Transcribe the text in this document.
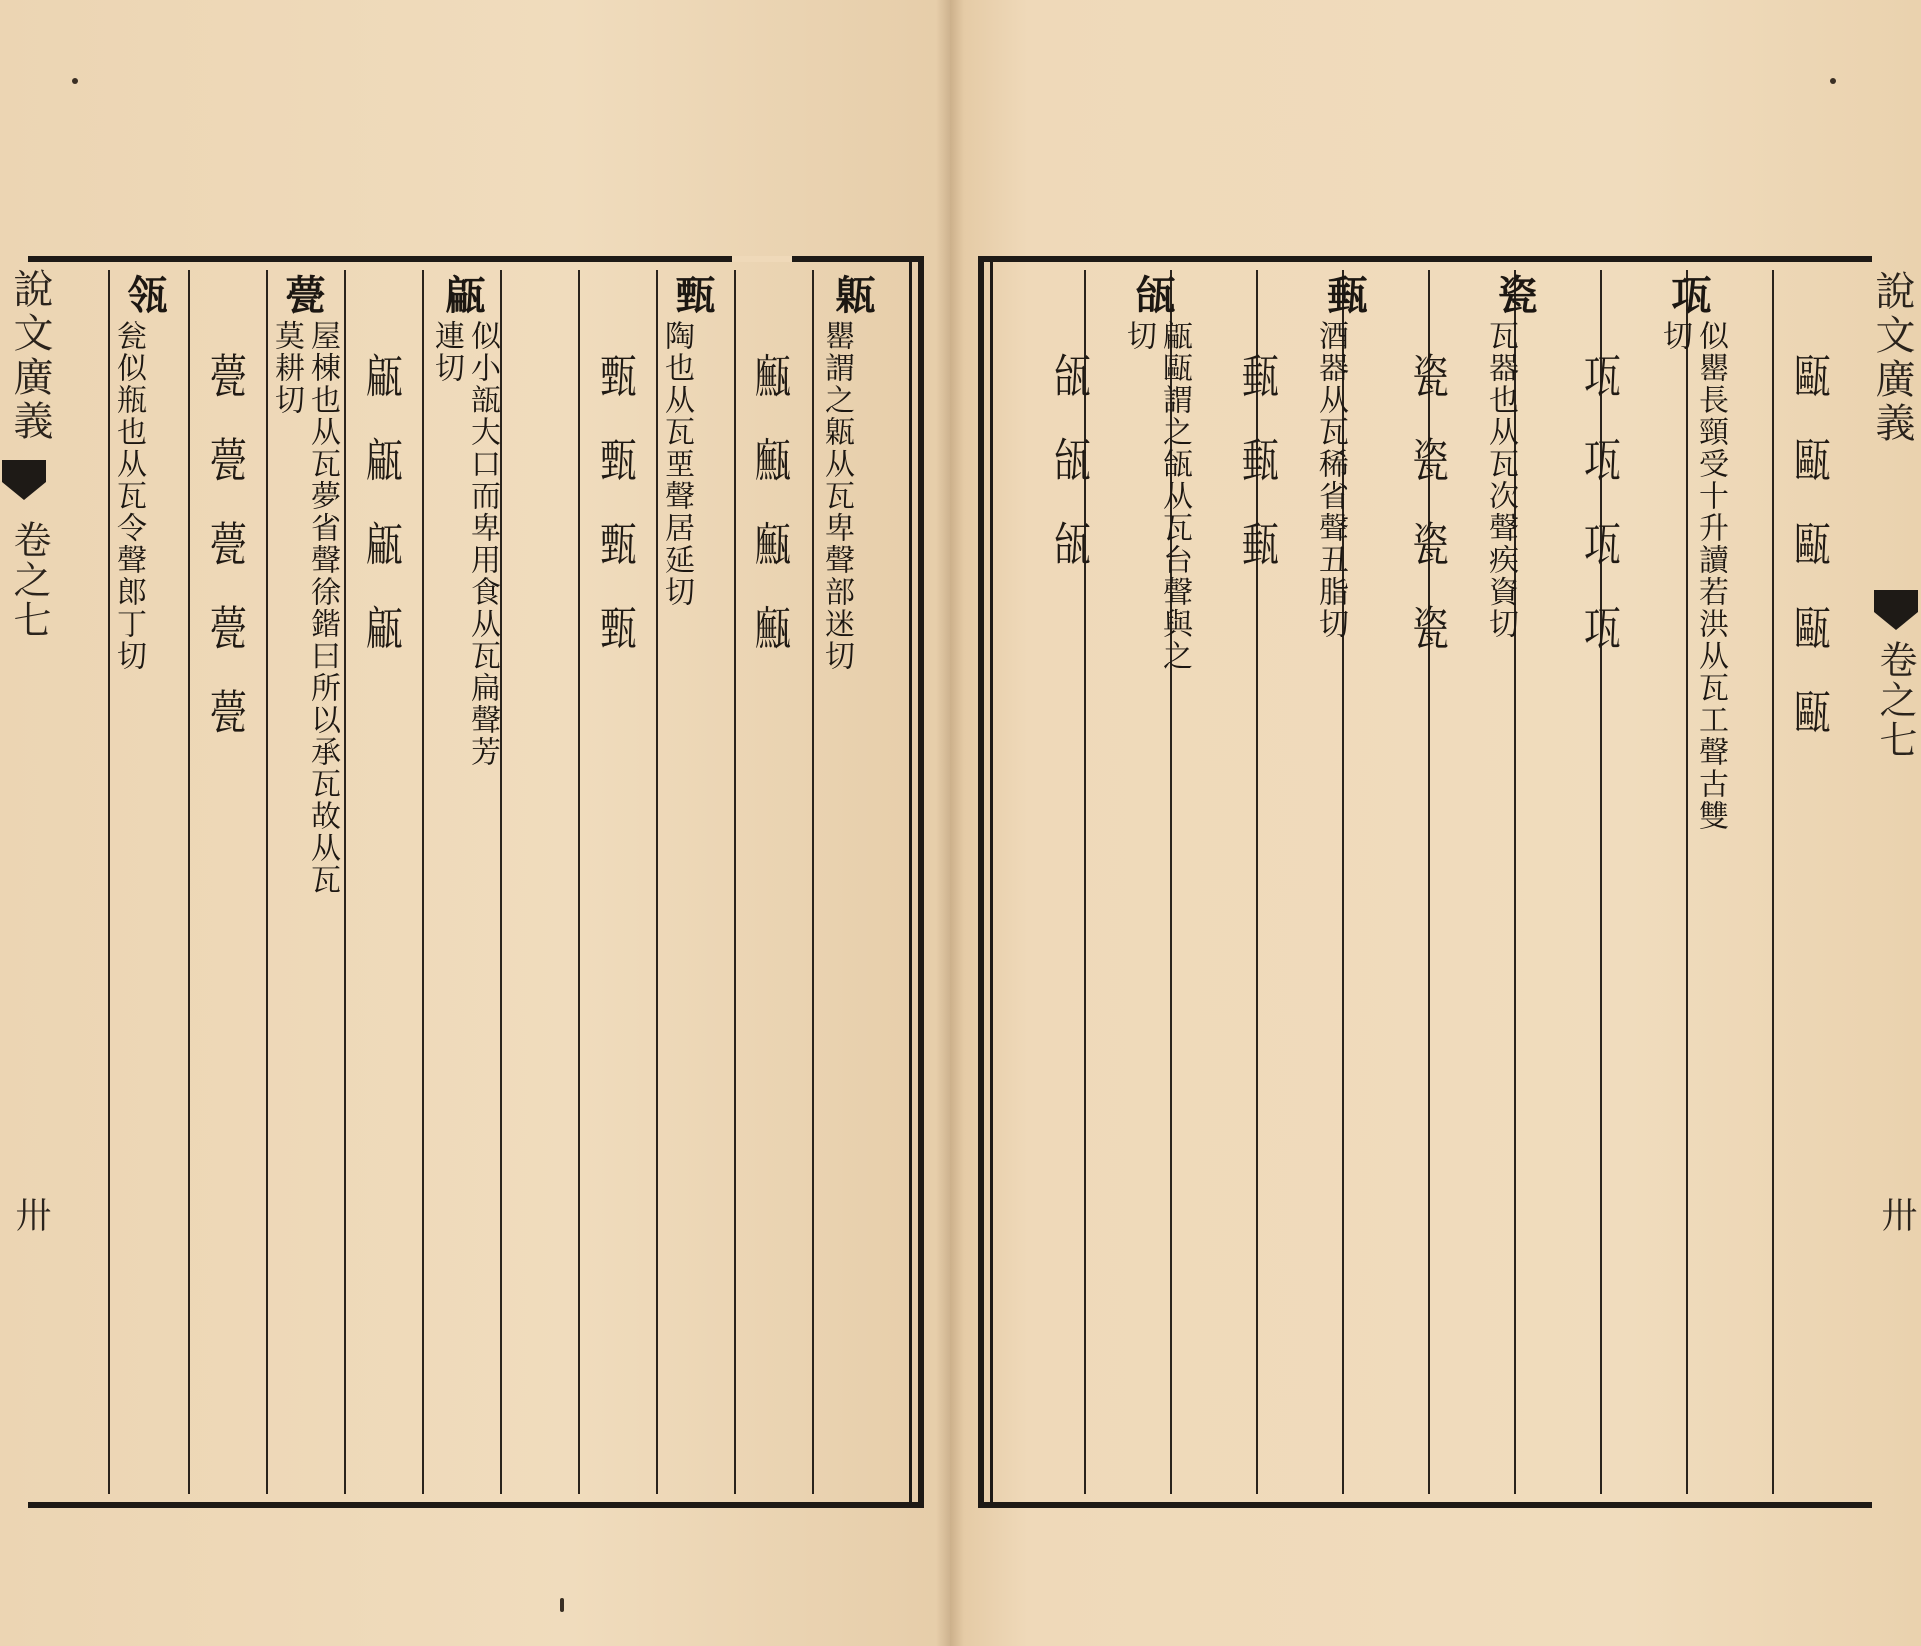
說文廣義
卷之七
卅
甈
罌謂之甈从瓦卑聲部迷切
𤮢𤮢𤮢𤮢
甄
陶也从瓦垔聲居延切
甄甄甄甄
甂
似小瓿大口而卑用食从瓦扁聲芳連切
甂甂甂甂
甍
屋棟也从瓦夢省聲徐鍇曰所以承瓦故从瓦莫耕切
甍甍甍甍甍
瓴
瓮似瓶也从瓦令聲郎丁切	甌甌甌甌甌
瓨
似罌長頸受十升讀若洪从瓦工聲古雙切
瓨瓨瓨瓨
瓷
瓦器也从瓦次聲疾資切
瓷瓷瓷瓷
甀
酒器从瓦稀省聲丑脂切
甀甀甀
瓵
甂甌謂之瓵从瓦台聲與之切
瓵瓵瓵	說文廣義
卷之七
卅
